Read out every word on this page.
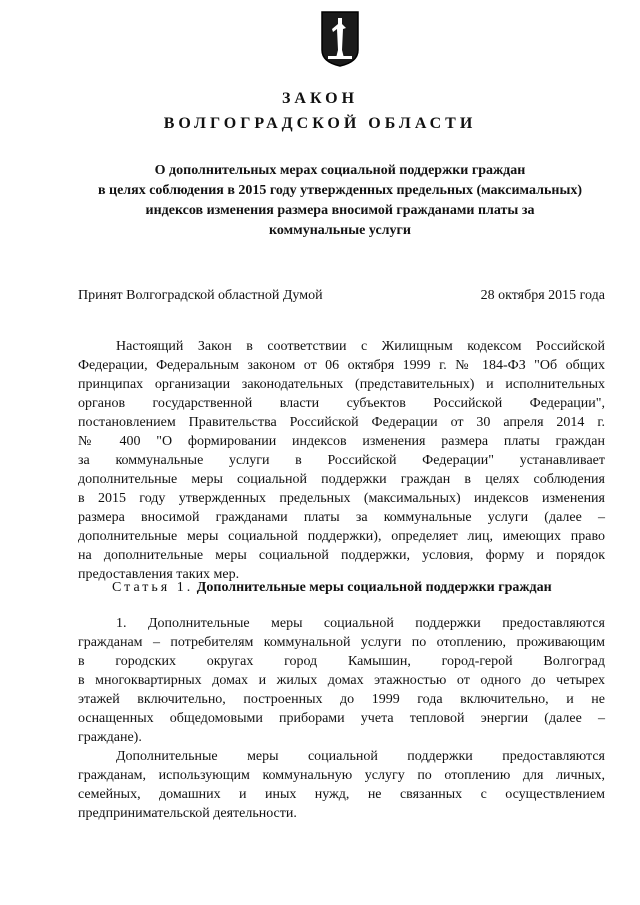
ЗАКОН
ВОЛГОГРАДСКОЙ ОБЛАСТИ
О дополнительных мерах социальной поддержки граждан
в целях соблюдения в 2015 году утвержденных предельных (максимальных)
индексов изменения размера вносимой гражданами платы за
коммунальные услуги
Принят Волгоградской областной Думой	28 октября 2015 года
Настоящий Закон в соответствии с Жилищным кодексом Российской
Федерации, Федеральным законом от 06 октября 1999 г. № 184-ФЗ "Об общих
принципах организации законодательных (представительных) и исполнительных
органов государственной власти субъектов Российской Федерации",
постановлением Правительства Российской Федерации от 30 апреля 2014 г.
№ 400 "О формировании индексов изменения размера платы граждан
за коммунальные услуги в Российской Федерации" устанавливает
дополнительные меры социальной поддержки граждан в целях соблюдения
в 2015 году утвержденных предельных (максимальных) индексов изменения
размера вносимой гражданами платы за коммунальные услуги (далее –
дополнительные меры социальной поддержки), определяет лиц, имеющих право
на дополнительные меры социальной поддержки, условия, форму и порядок
предоставления таких мер.
Статья 1. Дополнительные меры социальной поддержки граждан
1. Дополнительные меры социальной поддержки предоставляются
гражданам – потребителям коммунальной услуги по отоплению, проживающим
в городских округах город Камышин, город-герой Волгоград
в многоквартирных домах и жилых домах этажностью от одного до четырех
этажей включительно, построенных до 1999 года включительно, и не
оснащенных общедомовыми приборами учета тепловой энергии (далее –
граждане).
Дополнительные меры социальной поддержки предоставляются
гражданам, использующим коммунальную услугу по отоплению для личных,
семейных, домашних и иных нужд, не связанных с осуществлением
предпринимательской деятельности.
